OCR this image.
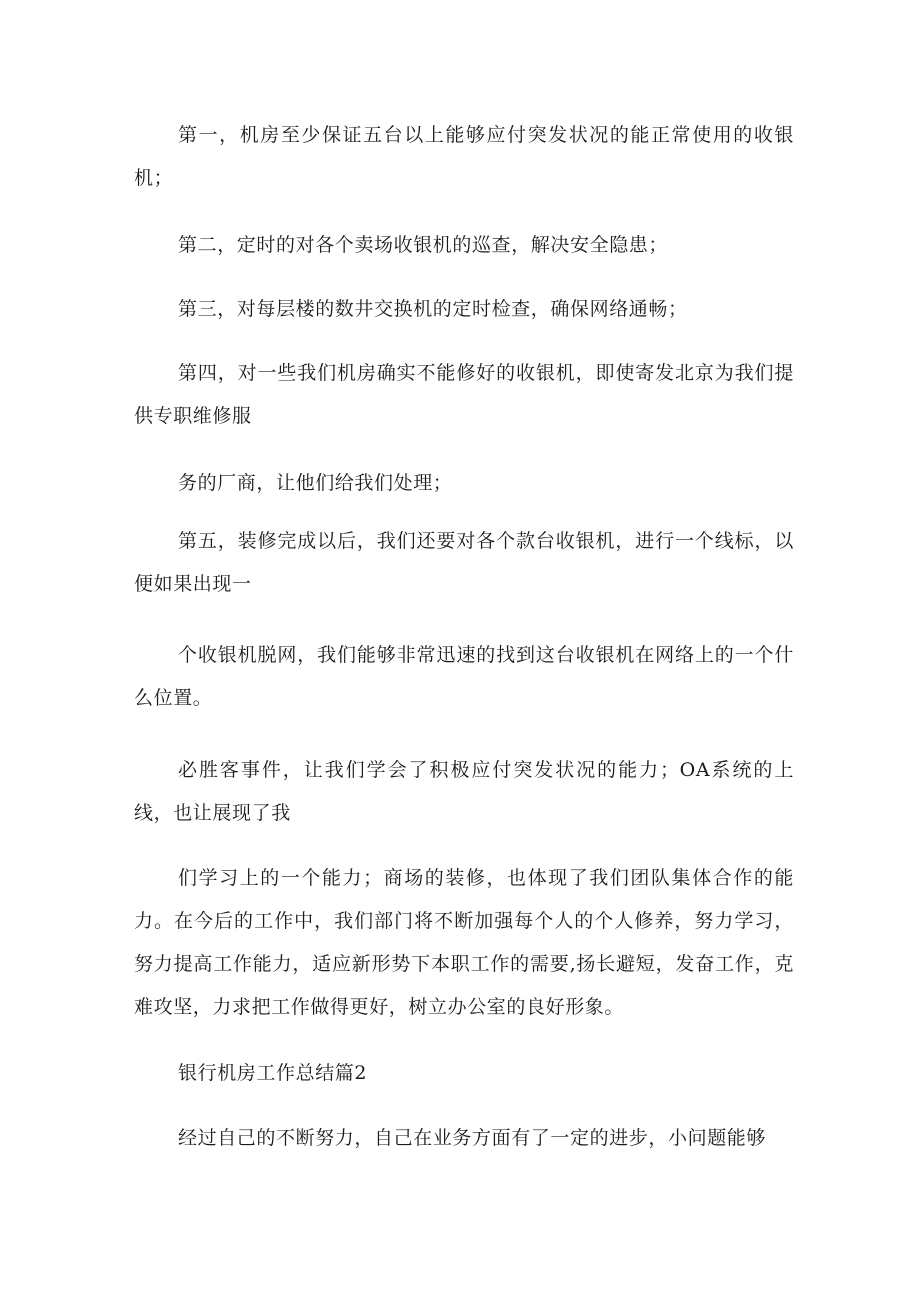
第一，机房至少保证五台以上能够应付突发状况的能正常使用的收银机；

第二，定时的对各个卖场收银机的巡查，解决安全隐患；

第三，对每层楼的数井交换机的定时检查，确保网络通畅；

第四，对一些我们机房确实不能修好的收银机，即使寄发北京为我们提供专职维修服

务的厂商，让他们给我们处理；

第五，装修完成以后，我们还要对各个款台收银机，进行一个线标，以便如果出现一

个收银机脱网，我们能够非常迅速的找到这台收银机在网络上的一个什么位置。

必胜客事件，让我们学会了积极应付突发状况的能力；OA系统的上线，也让展现了我

们学习上的一个能力；商场的装修，也体现了我们团队集体合作的能力。在今后的工作中，我们部门将不断加强每个人的个人修养，努力学习，努力提高工作能力，适应新形势下本职工作的需要,扬长避短，发奋工作，克难攻坚，力求把工作做得更好，树立办公室的良好形象。

银行机房工作总结篇2

经过自己的不断努力，自己在业务方面有了一定的进步，小问题能够
